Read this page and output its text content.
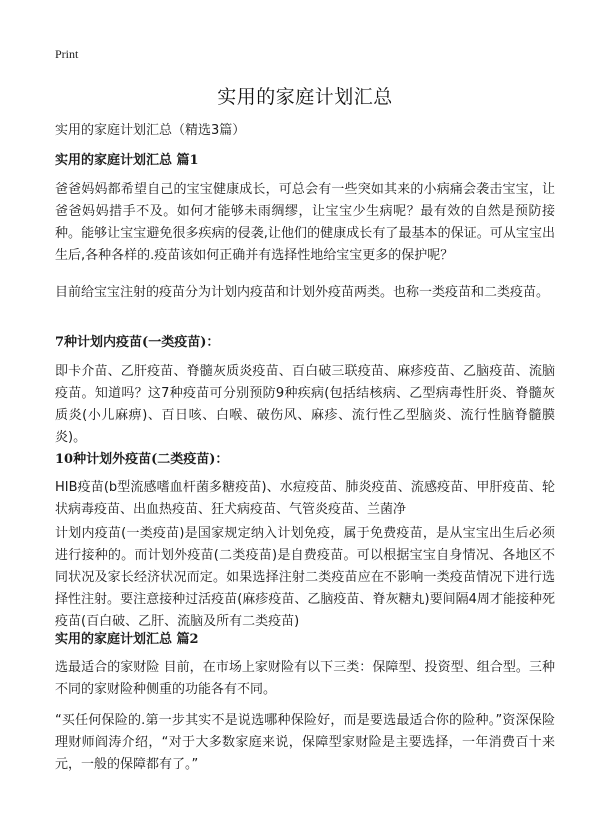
Print
实用的家庭计划汇总
实用的家庭计划汇总（精选3篇）
实用的家庭计划汇总 篇1
爸爸妈妈都希望自己的宝宝健康成长，可总会有一些突如其来的小病痛会袭击宝宝，让爸爸妈妈措手不及。如何才能够未雨绸缪，让宝宝少生病呢？最有效的自然是预防接种。能够让宝宝避免很多疾病的侵袭,让他们的健康成长有了最基本的保证。可从宝宝出生后,各种各样的.疫苗该如何正确并有选择性地给宝宝更多的保护呢？
目前给宝宝注射的疫苗分为计划内疫苗和计划外疫苗两类。也称一类疫苗和二类疫苗。
7种计划内疫苗(一类疫苗)：
即卡介苗、乙肝疫苗、脊髓灰质炎疫苗、百白破三联疫苗、麻疹疫苗、乙脑疫苗、流脑疫苗。知道吗？这7种疫苗可分别预防9种疾病(包括结核病、乙型病毒性肝炎、脊髓灰质炎(小儿麻痹)、百日咳、白喉、破伤风、麻疹、流行性乙型脑炎、流行性脑脊髓膜炎)。
10种计划外疫苗(二类疫苗)：
HIB疫苗(b型流感嗜血杆菌多糖疫苗)、水痘疫苗、肺炎疫苗、流感疫苗、甲肝疫苗、轮状病毒疫苗、出血热疫苗、狂犬病疫苗、气管炎疫苗、兰菌净
计划内疫苗(一类疫苗)是国家规定纳入计划免疫，属于免费疫苗，是从宝宝出生后必须进行接种的。而计划外疫苗(二类疫苗)是自费疫苗。可以根据宝宝自身情况、各地区不同状况及家长经济状况而定。如果选择注射二类疫苗应在不影响一类疫苗情况下进行选择性注射。要注意接种过活疫苗(麻疹疫苗、乙脑疫苗、脊灰糖丸)要间隔4周才能接种死疫苗(百白破、乙肝、流脑及所有二类疫苗)
实用的家庭计划汇总 篇2
选最适合的家财险 目前，在市场上家财险有以下三类：保障型、投资型、组合型。三种不同的家财险种侧重的功能各有不同。
“买任何保险的.第一步其实不是说选哪种保险好，而是要选最适合你的险种。”资深保险理财师阎涛介绍，“对于大多数家庭来说，保障型家财险是主要选择，一年消费百十来元，一般的保障都有了。”
